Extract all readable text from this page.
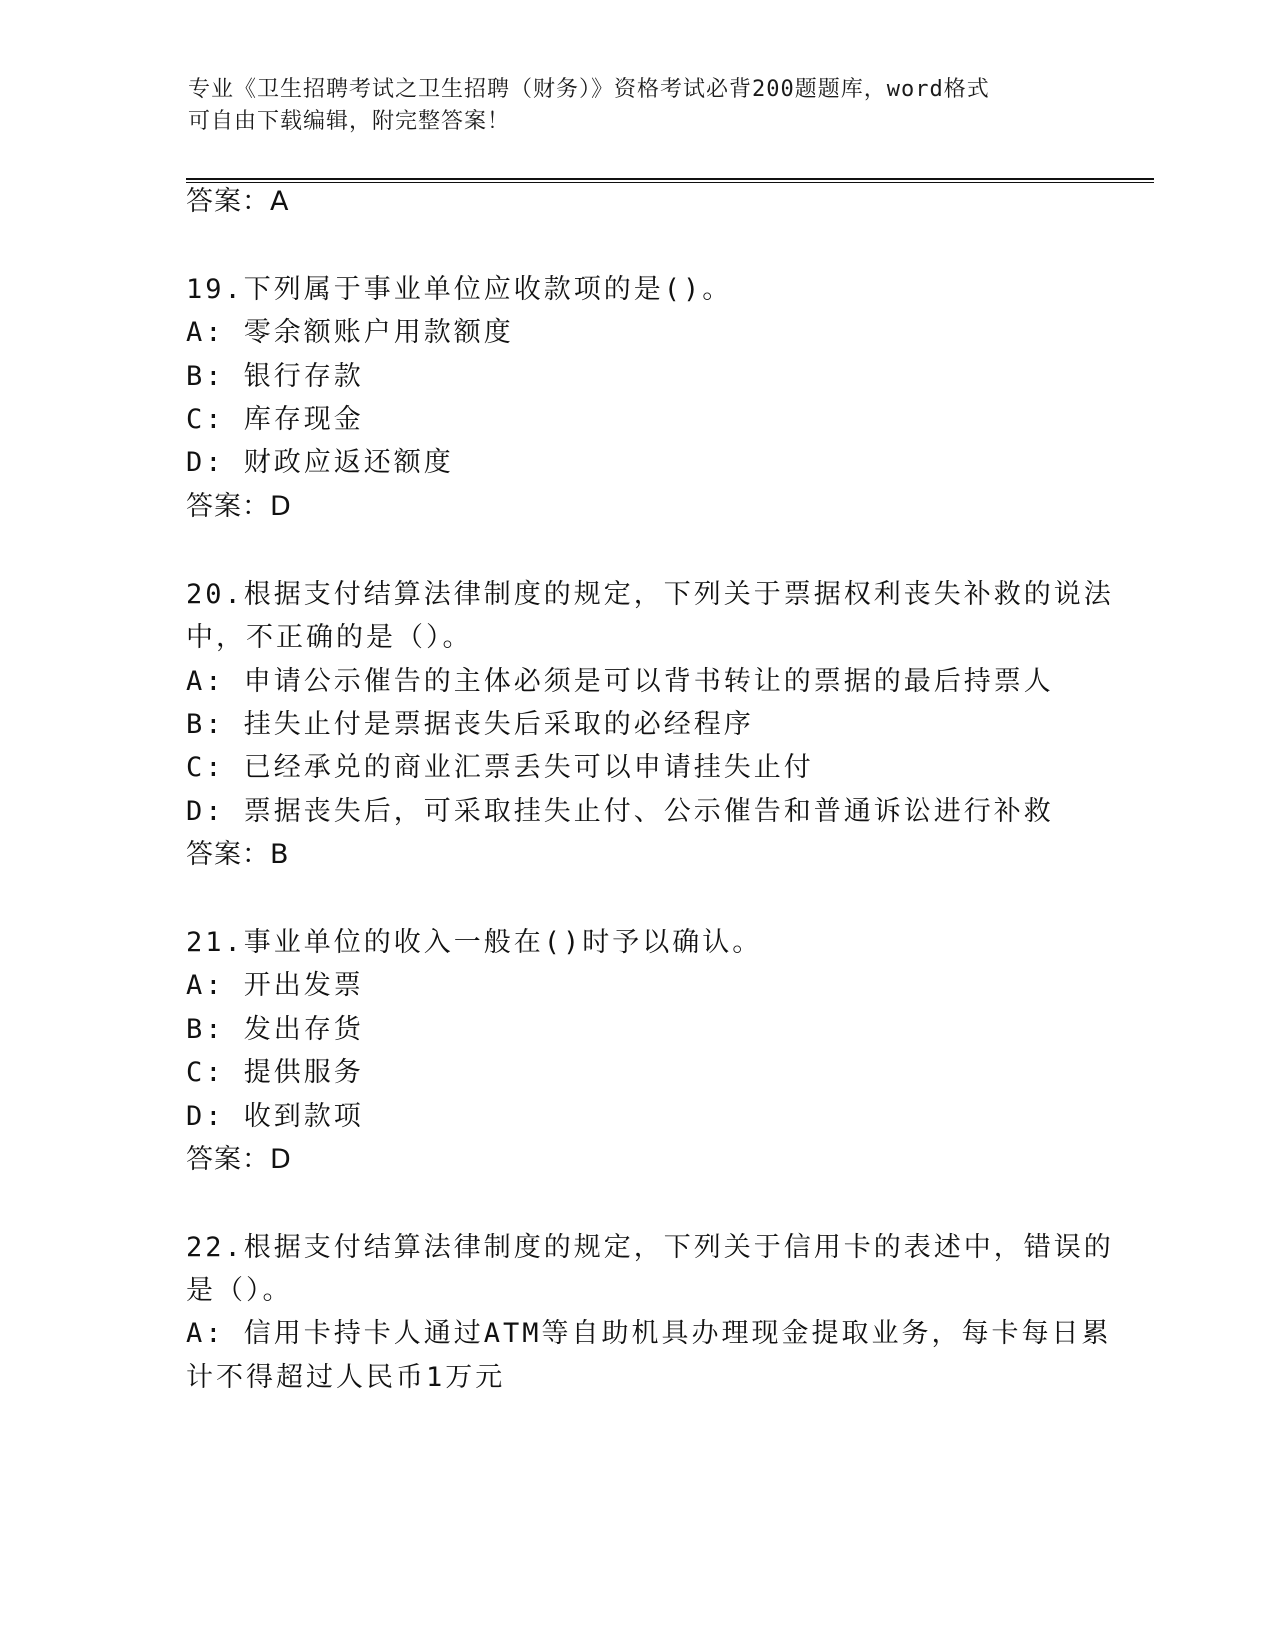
专业《卫生招聘考试之卫生招聘（财务）》资格考试必背200题题库，word格式
可自由下载编辑，附完整答案！
答案：A
19.下列属于事业单位应收款项的是()。
A: 零余额账户用款额度
B: 银行存款
C: 库存现金
D: 财政应返还额度
答案：D
20.根据支付结算法律制度的规定，下列关于票据权利丧失补救的说法
中，不正确的是（）。
A: 申请公示催告的主体必须是可以背书转让的票据的最后持票人
B: 挂失止付是票据丧失后采取的必经程序
C: 已经承兑的商业汇票丢失可以申请挂失止付
D: 票据丧失后，可采取挂失止付、公示催告和普通诉讼进行补救
答案：B
21.事业单位的收入一般在()时予以确认。
A: 开出发票
B: 发出存货
C: 提供服务
D: 收到款项
答案：D
22.根据支付结算法律制度的规定，下列关于信用卡的表述中，错误的
是（）。
A: 信用卡持卡人通过ATM等自助机具办理现金提取业务，每卡每日累
计不得超过人民币1万元
